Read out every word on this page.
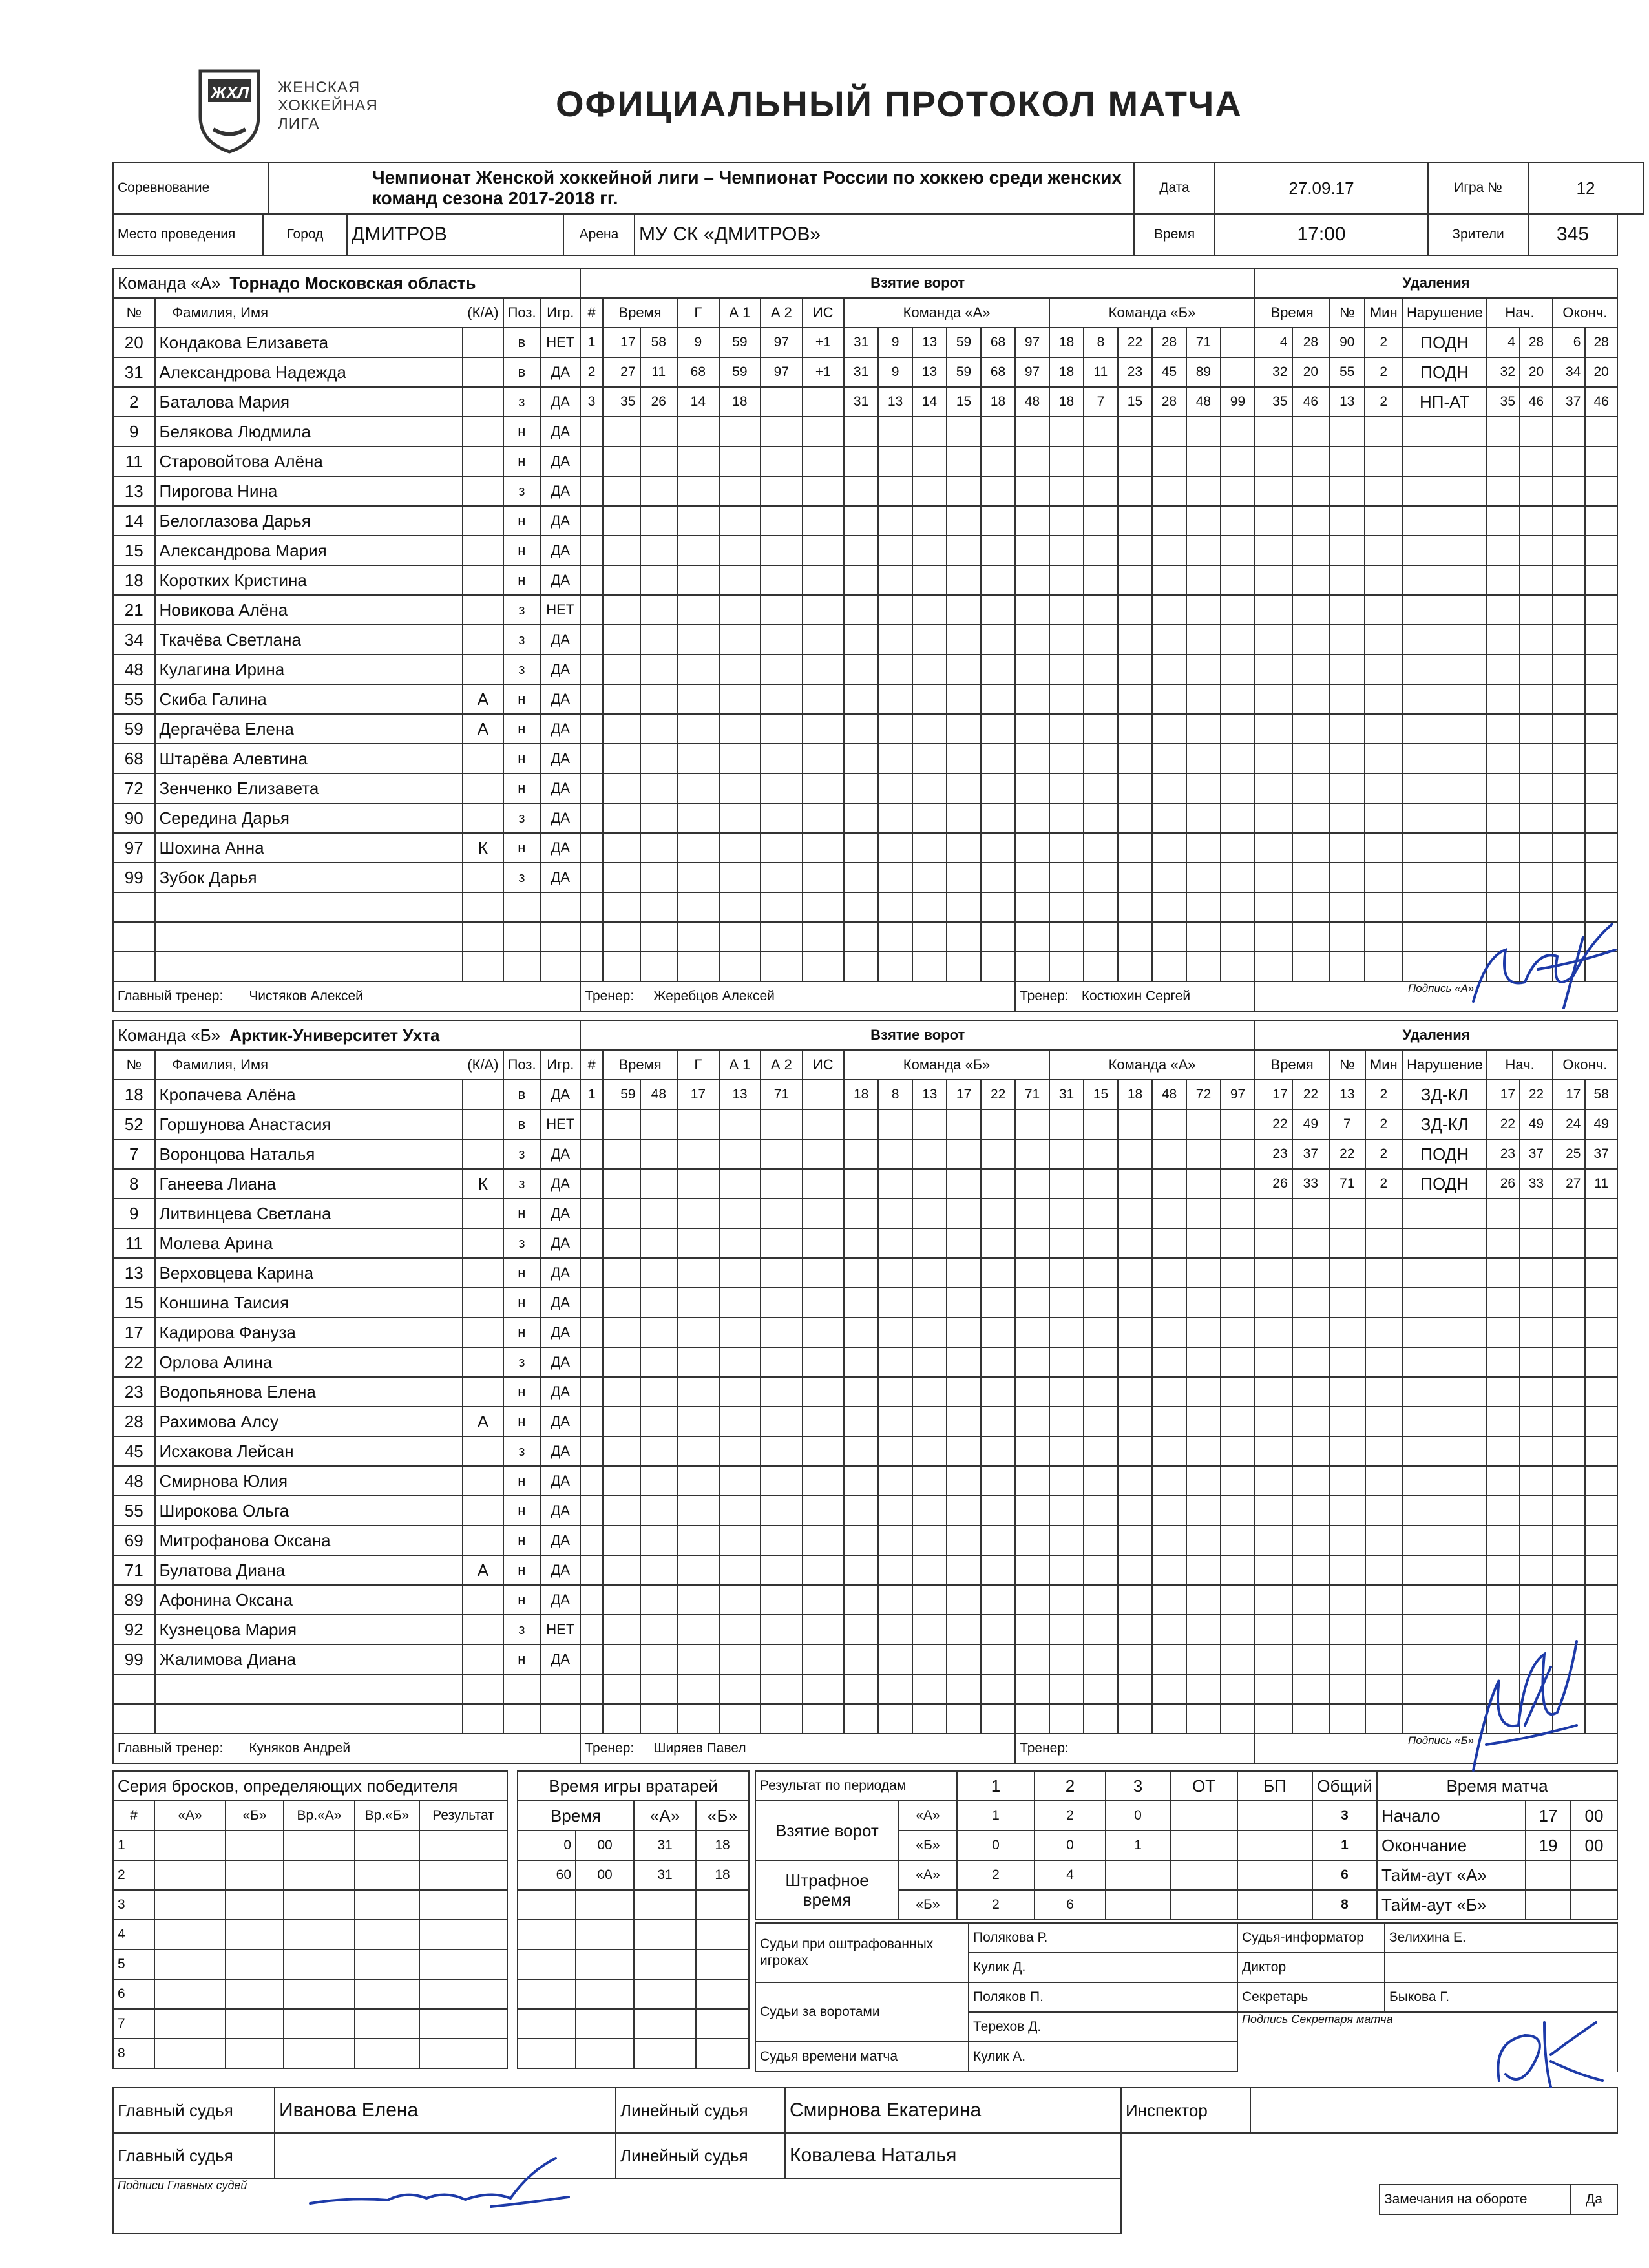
ЖХЛ ЖЕНСКАЯ
ХОККЕЙНАЯ
ЛИГА	ОФИЦИАЛЬНЫЙ ПРОТОКОЛ МАТЧА
Соревнование	Чемпионат Женской хоккейной лиги – Чемпионат России по хоккею среди женских команд сезона 2017-2018 гг.	Дата	27.09.17	Игра №	12
Место проведения	Город	ДМИТРОВ	Арена	МУ СК «ДМИТРОВ»	Время	17:00	Зрители	345
Команда «А» Торнадо Московская область					Взятие ворот																			Удаления								
№	Фамилия, Имя (К/А)		Поз.	Игр.	#	Время		Г	А 1	А 2	ИС	Команда «А»						Команда «Б»						Время		№	Мин	Нарушение	Нач.		Оконч.	
20	Кондакова Елизавета		в	НЕТ	1	17	58	9	59	97	+1	31	9	13	59	68	97	18	8	22	28	71		4	28	90	2	ПОДН	4	28	6	28
31	Александрова Надежда		в	ДА	2	27	11	68	59	97	+1	31	9	13	59	68	97	18	11	23	45	89		32	20	55	2	ПОДН	32	20	34	20
2	Баталова Мария		з	ДА	3	35	26	14	18			31	13	14	15	18	48	18	7	15	28	48	99	35	46	13	2	НП-АТ	35	46	37	46
9	Белякова Людмила		н	ДА																												
11	Старовойтова Алёна		н	ДА																												
13	Пирогова Нина		з	ДА																												
14	Белоглазова Дарья		н	ДА																												
15	Александрова Мария		н	ДА																												
18	Коротких Кристина		н	ДА																												
21	Новикова Алёна		з	НЕТ																												
34	Ткачёва Светлана		з	ДА																												
48	Кулагина Ирина		з	ДА																												
55	Скиба Галина	А	н	ДА																												
59	Дергачёва Елена	А	н	ДА																												
68	Штарёва Алевтина		н	ДА																												
72	Зенченко Елизавета		н	ДА																												
90	Середина Дарья		з	ДА																												
97	Шохина Анна	К	н	ДА																												
99	Зубок Дарья		з	ДА																												

Главный тренер: Чистяков Алексей					Тренер: Жеребцов Алексей												Тренер: Костюхин Сергей							Подпись «А»								
Команда «Б» Арктик-Университет Ухта					Взятие ворот																			Удаления								
№	Фамилия, Имя (К/А)		Поз.	Игр.	#	Время		Г	А 1	А 2	ИС	Команда «Б»						Команда «А»						Время		№	Мин	Нарушение	Нач.		Оконч.	
18	Кропачева Алёна		в	ДА	1	59	48	17	13	71		18	8	13	17	22	71	31	15	18	48	72	97	17	22	13	2	ЗД-КЛ	17	22	17	58
52	Горшунова Анастасия		в	НЕТ																				22	49	7	2	ЗД-КЛ	22	49	24	49
7	Воронцова Наталья		з	ДА																				23	37	22	2	ПОДН	23	37	25	37
8	Ганеева Лиана	К	з	ДА																				26	33	71	2	ПОДН	26	33	27	11
9	Литвинцева Светлана		н	ДА																												
11	Молева Арина		з	ДА																												
13	Верховцева Карина		н	ДА																												
15	Коншина Таисия		н	ДА																												
17	Кадирова Фануза		н	ДА																												
22	Орлова Алина		з	ДА																												
23	Водопьянова Елена		н	ДА																												
28	Рахимова Алсу	А	н	ДА																												
45	Исхакова Лейсан		з	ДА																												
48	Смирнова Юлия		н	ДА																												
55	Широкова Ольга		н	ДА																												
69	Митрофанова Оксана		н	ДА																												
71	Булатова Диана	А	н	ДА																												
89	Афонина Оксана		н	ДА																												
92	Кузнецова Мария		з	НЕТ																												
99	Жалимова Диана		н	ДА																												

Главный тренер: Куняков Андрей					Тренер: Ширяев Павел												Тренер:							Подпись «Б»								
Серия бросков, определяющих победителя					
#	«А»	«Б»	Вр.«А»	Вр.«Б»	Результат
1					
2					
3					
4					
5					
6					
7					
8					
Время игры вратарей			
Время		«А»	«Б»
0	00	31	18
60	00	31	18

Результат по периодам		1	2	3	ОТ	БП	Общий
Взятие ворот	«А»	1	2	0			3
	«Б»	0	0	1			1
Штрафное время	«А»	2	4				6
	«Б»	2	6				8
Время матча		
Начало	17	00
Окончание	19	00
Тайм-аут «А»		
Тайм-аут «Б»		
Судьи при оштрафованных игроках	Полякова Р.	Судья-информатор	Зелихина Е.
	Кулик Д.	Диктор	
Судьи за воротами	Поляков П.	Секретарь	Быкова Г.
	Терехов Д.	Подпись Секретаря матча	
Судья времени матча	Кулик А.		
Главный судья	Иванова Елена	Линейный судья	Смирнова Екатерина
Главный судья		Линейный судья	Ковалева Наталья
Подписи Главных судей			
Инспектор	
Замечания на обороте	Да
